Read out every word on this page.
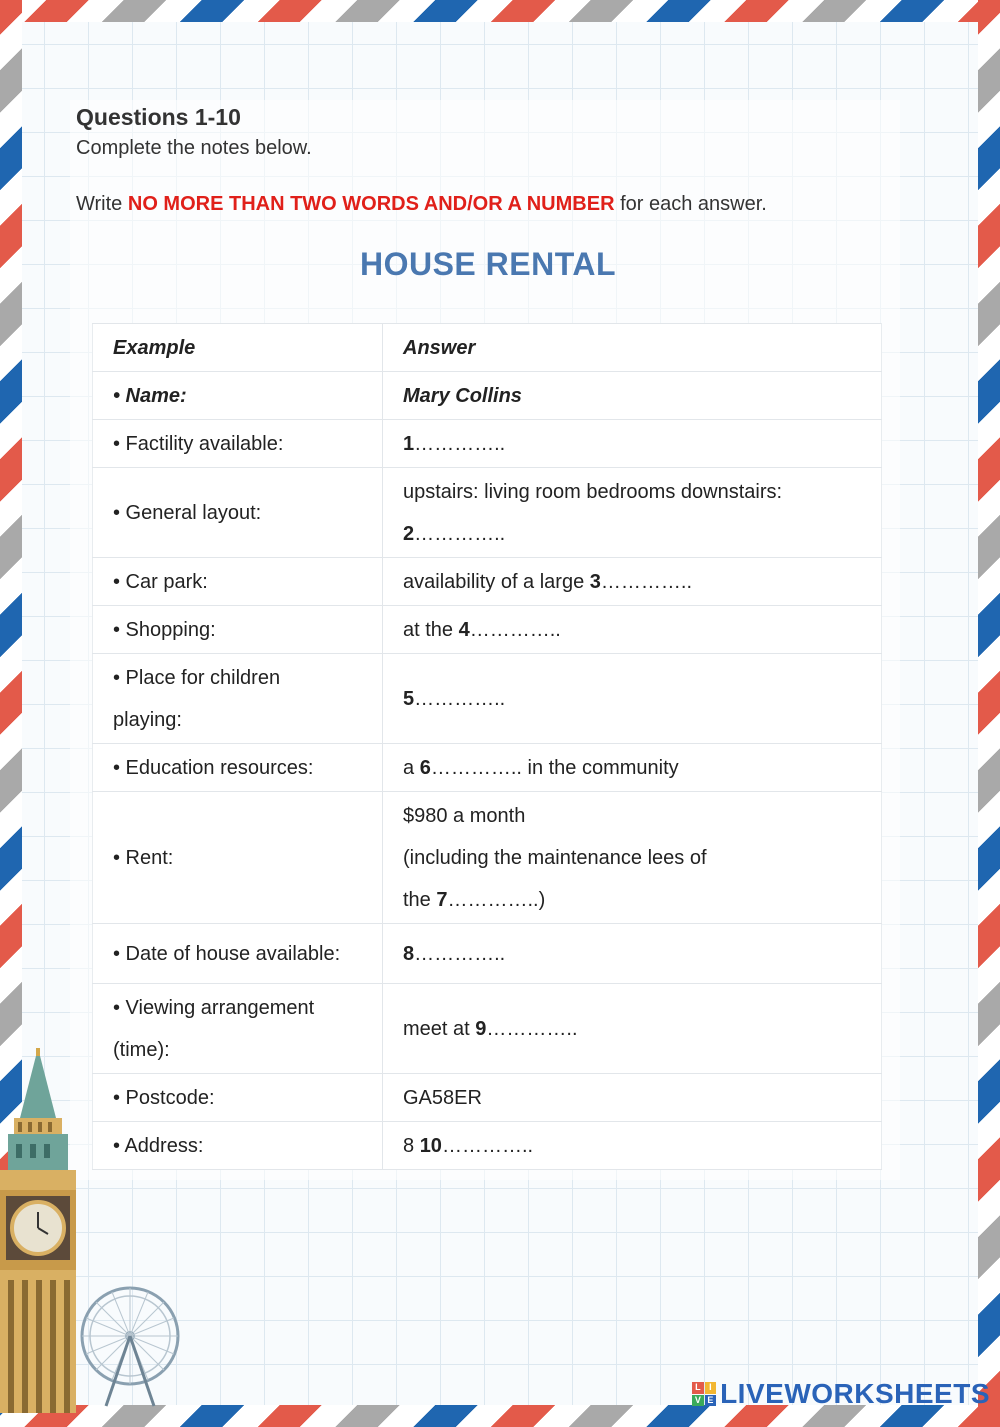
Questions 1-10
Complete the notes below.
Write NO MORE THAN TWO WORDS AND/OR A NUMBER for each answer.
HOUSE RENTAL
Example	Answer
• Name:	Mary Collins
• Factility available:	1…………..
• General layout:	upstairs: living room bedrooms downstairs:
2…………..
• Car park:	availability of a large 3…………..
• Shopping:	at the 4…………..
• Place for children
playing:	5…………..
• Education resources:	a 6………….. in the community
• Rent:	$980 a month
(including the maintenance lees of
the 7…………..)
• Date of house available:	8…………..
• Viewing arrangement
(time):	meet at 9…………..
• Postcode:	GA58ER
• Address:	8 10…………..
L I
V E LIVEWORKSHEETS
